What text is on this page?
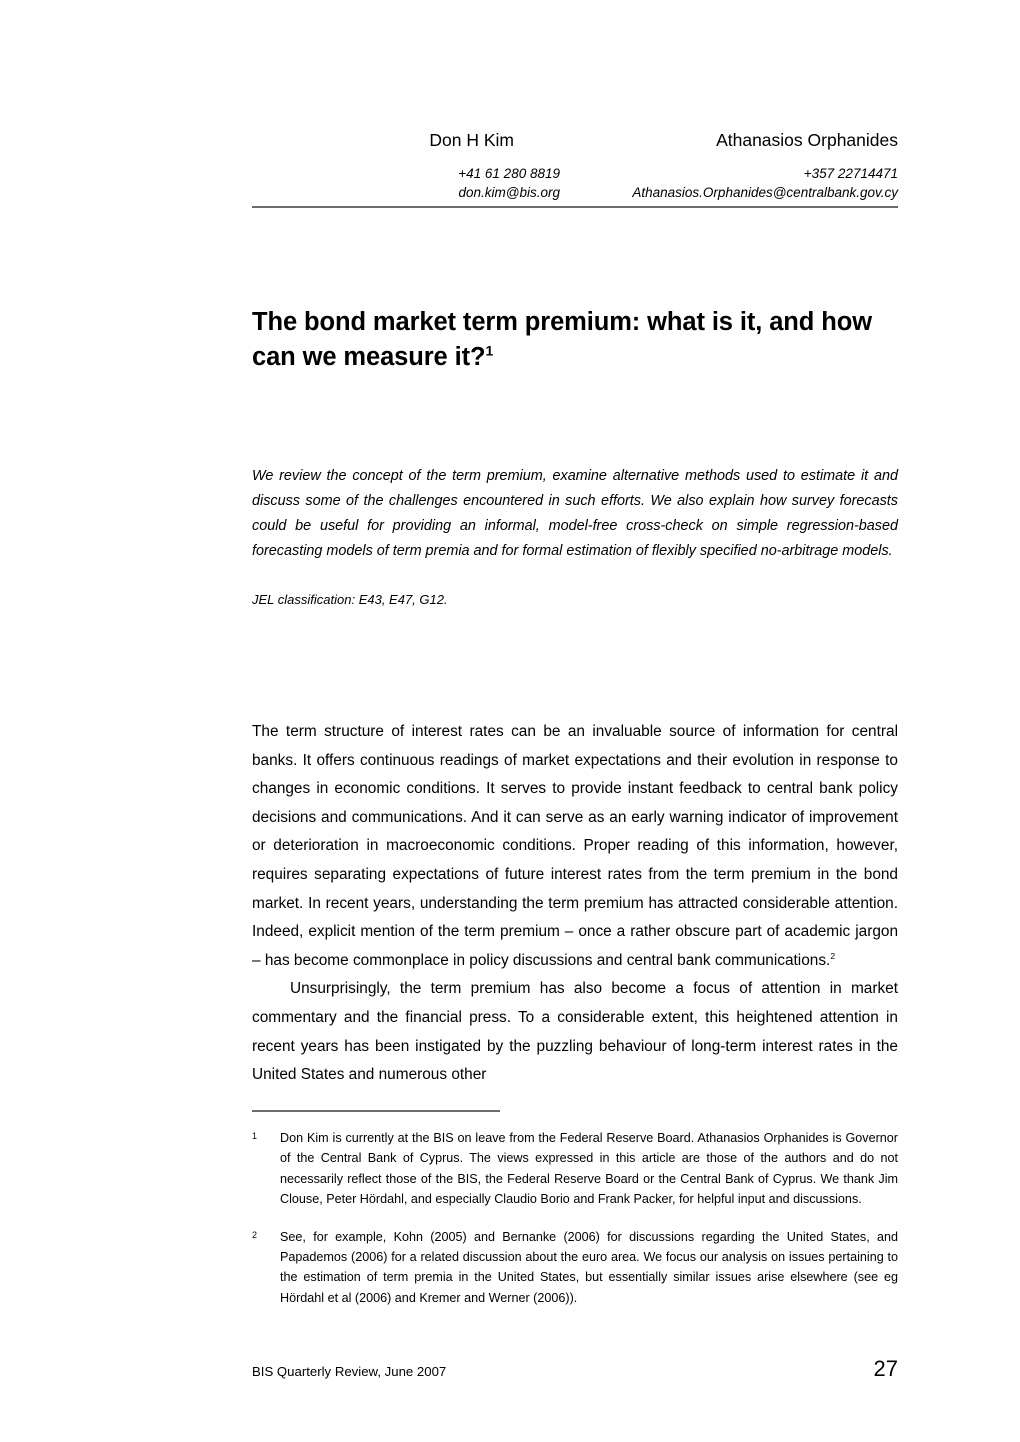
Don H Kim	Athanasios Orphanides
+41 61 280 8819
don.kim@bis.org
+357 22714471
Athanasios.Orphanides@centralbank.gov.cy
The bond market term premium: what is it, and how can we measure it?$^1$
We review the concept of the term premium, examine alternative methods used to estimate it and discuss some of the challenges encountered in such efforts. We also explain how survey forecasts could be useful for providing an informal, model-free cross-check on simple regression-based forecasting models of term premia and for formal estimation of flexibly specified no-arbitrage models.
JEL classification: E43, E47, G12.

The term structure of interest rates can be an invaluable source of information for central banks. It offers continuous readings of market expectations and their evolution in response to changes in economic conditions. It serves to provide instant feedback to central bank policy decisions and communications. And it can serve as an early warning indicator of improvement or deterioration in macroeconomic conditions. Proper reading of this information, however, requires separating expectations of future interest rates from the term premium in the bond market. In recent years, understanding the term premium has attracted considerable attention. Indeed, explicit mention of the term premium – once a rather obscure part of academic jargon – has become commonplace in policy discussions and central bank communications.$^2$

Unsurprisingly, the term premium has also become a focus of attention in market commentary and the financial press. To a considerable extent, this heightened attention in recent years has been instigated by the puzzling behaviour of long-term interest rates in the United States and numerous other

1 Don Kim is currently at the BIS on leave from the Federal Reserve Board. Athanasios Orphanides is Governor of the Central Bank of Cyprus. The views expressed in this article are those of the authors and do not necessarily reflect those of the BIS, the Federal Reserve Board or the Central Bank of Cyprus. We thank Jim Clouse, Peter Hördahl, and especially Claudio Borio and Frank Packer, for helpful input and discussions.
2 See, for example, Kohn (2005) and Bernanke (2006) for discussions regarding the United States, and Papademos (2006) for a related discussion about the euro area. We focus our analysis on issues pertaining to the estimation of term premia in the United States, but essentially similar issues arise elsewhere (see eg Hördahl et al (2006) and Kremer and Werner (2006)).
BIS Quarterly Review, June 2007	27
